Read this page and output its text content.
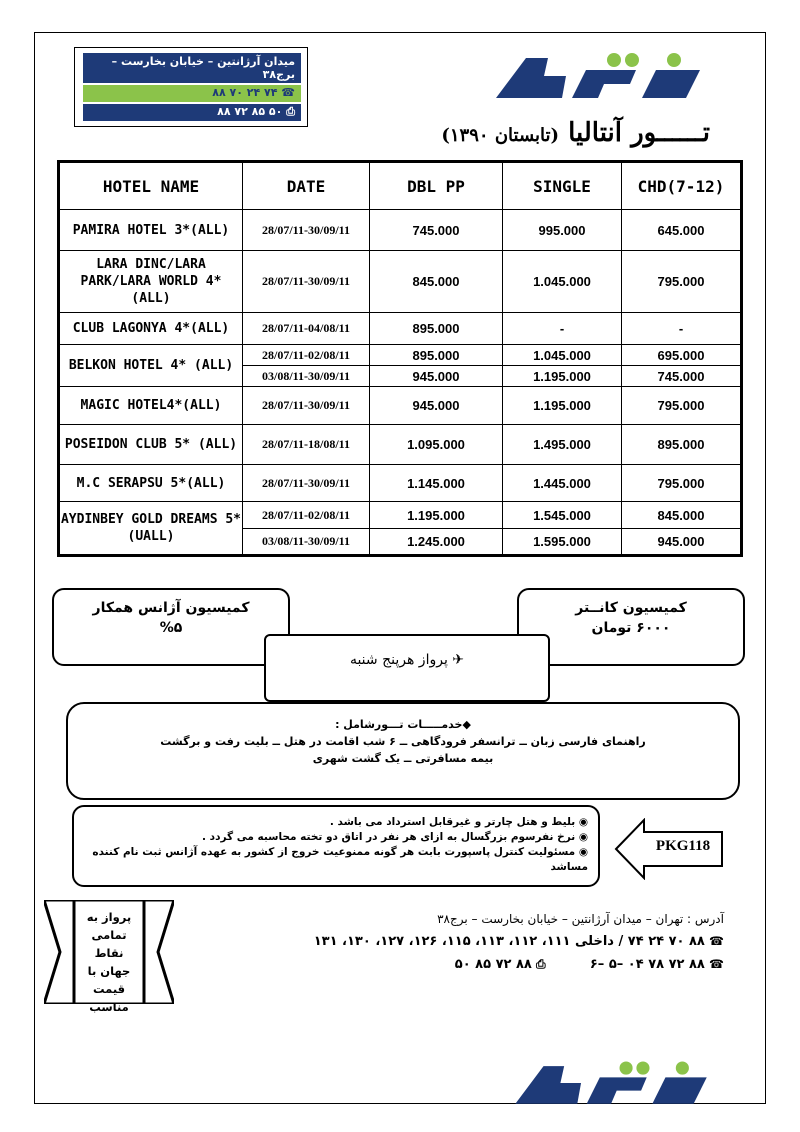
میدان آرژانتین – خیابان بخارست – برج۳۸
۸۸ ۷۰ ۲۴ ۷۴ ☎
۸۸ ۷۲ ۸۵ ۵۰ ⎙
تــــــور آنتالیا (تابستان ۱۳۹۰)
HOTEL NAME	DATE	DBL PP	SINGLE	CHD(7-12)
PAMIRA HOTEL 3*(ALL)	28/07/11-30/09/11	745.000	995.000	645.000
LARA DINC/LARA PARK/LARA WORLD 4* (ALL)	28/07/11-30/09/11	845.000	1.045.000	795.000
CLUB LAGONYA 4*(ALL)	28/07/11-04/08/11	895.000	-	-
BELKON HOTEL 4* (ALL)	28/07/11-02/08/11	895.000	1.045.000	695.000
	03/08/11-30/09/11	945.000	1.195.000	745.000
MAGIC HOTEL4*(ALL)	28/07/11-30/09/11	945.000	1.195.000	795.000
POSEIDON CLUB 5* (ALL)	28/07/11-18/08/11	1.095.000	1.495.000	895.000
M.C SERAPSU 5*(ALL)	28/07/11-30/09/11	1.145.000	1.445.000	795.000
AYDINBEY GOLD DREAMS 5*(UALL)	28/07/11-02/08/11	1.195.000	1.545.000	845.000
	03/08/11-30/09/11	1.245.000	1.595.000	945.000
کمیسیون آژانس همکار
%۵
کمیسیون کانــتر
۶۰۰۰ تومان
✈ پرواز هرپنج شنبه
◆خدمـــــات تـــورشامل :
راهنمای فارسی زبان ــ ترانسفر فرودگاهی ــ ۶ شب اقامت در هتل ــ بلیت رفت و برگشت
بیمه مسافرتی ــ یک گشت شهری
◉ بلیط و هتل چارتر و غیرقابل استرداد می باشد .
◉ نرخ نفرسوم بزرگسال به ازای هر نفر در اتاق دو تخته محاسبه می گردد .
◉ مسئولیت کنترل پاسپورت بابت هر گونه ممنوعیت خروج از کشور به عهده آژانس ثبت نام کننده مساشد
PKG118
پرواز به تمامی نقاط جهان با قیمت مناسب
آدرس : تهران – میدان آرژانتین – خیابان بخارست – برج۳۸
☎ ۸۸ ۷۰ ۲۴ ۷۴ / داخلی ۱۱۱، ۱۱۲، ۱۱۳، ۱۱۵، ۱۲۶، ۱۲۷، ۱۳۰، ۱۳۱
☎ ۸۸ ۷۲ ۷۸ ۰۴ –۵ –۶ ⎙ ۸۸ ۷۲ ۸۵ ۵۰
